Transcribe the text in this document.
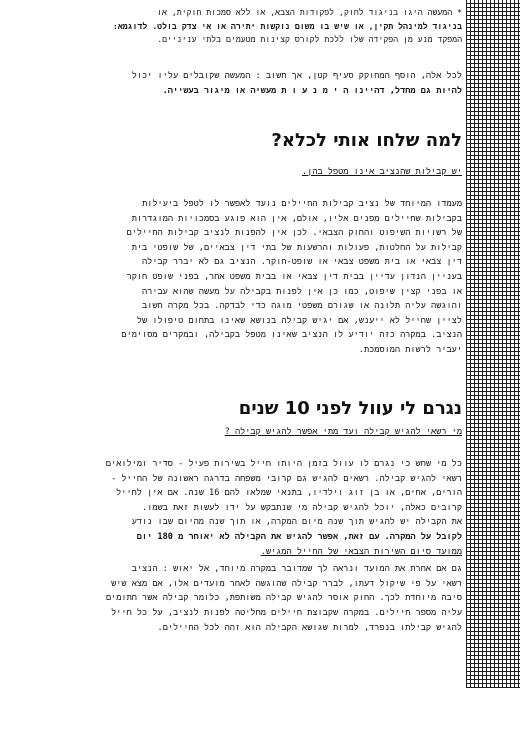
* המעשה היגו בניגוד לחוק, לפקודות הצבא, או ללא סמכות חוקית, או

בניגוד למינהל תקין, או שיש בו משום נוקשות יתירה או אי צדק בולט. לדוגמא:

המפקד מנע מן הפקידה שלו ללכת לקורס קצינות מטעמים בלתי עניניים.

לכל אלה, הוסף המחוקק סעיף קטן, אך חשוב : המעשה שקובלים עליו יכול

להיות גם מחדל, דהיינו ה י מ נ ע ו ת מעשיה או מיגור בעשייה.

למה שלחו אותי לכלא?

יש קבילות שהנציב אינו מטפל בהן.

מעמדו המיוחד של נציב קבילות החיילים נועד לאפשר לו לטפל ביעילות

בקבילות שחיילים מפנים אליו, אולם, אין הוא פוגע בסמכויות המוגדרות

של רשויות השיפוט והחוק הצבאי. לכן אין להפנות לנציב קבילות החיילים

קבילות על החלטות, פעולות והרשעות של בתי דין צבאיים, של שופטי בית

דין צבאי או בית משפט צבאי או שופט-חוקר. הנציב גם לא יברר קבילה

בעניין הנדון עדיין בבית דין צבאי או בבית משפט אחר, בפני שופט חוקר

או בפני קצין שיפוט, כמו כן אין לפנות בקבילה על מעשה שהוא עבירה

והוגשה עליה תלונה או שגורם משפטי מוגה כדי לבדקה. בכל מקרה חשוב

לציין שחייל לא ייענש, אם יגיש קבילה בנושא שאינו בתחום טיפולו של

הנציב. במקרה כזה יודיע לו הנציב שאינו מטפל בקבילה, ובמקרים מסוימים

יעביר לרשות המוסמכת.

נגרם לי עוול לפני 10 שנים

מי רשאי להגיש קבילה ועד מתי אפשר להגיש קבילה ?

כל מי שחש כי נגרם לו עוול בזמן היותו חייל בשירות פעיל - סדיר ומילואים

רשאי להגיש קבילה. רשאים להגיש גם קרובי משפחה בדרגה ראשונה של החייל -

הורים, אחים, או בן זוג וילדיו, בתנאי שמלאו להם 16 שנה. אם אין לחייל

קרובים כאלה, יוכל להגיש קבילה מי שנתבקש על ידו לעשות זאת בשמו.

את הקבילה יש להגיש תוך שנה מיום המקרה, או תוך שנה מהיום שבו נודע

לקובל על המקרה. עם זאת, אפשר להגיש את הקבילה לא יאוחר מ 180 יום

ממועד סיום השירות הצבאי של החייל המגיש.

גם אם אחרת את המועד ונראה לך שמדובר במקרה מיוחד, אל יאוש : הנציב

רשאי על פי שיקול דעתו, לברר קבילה שהוגשה לאחר מועדים אלו, אם מצא שיש

סיבה מיוחדת לכך. החוק אוסר להגיש קבילה משותפת, כלומר קבילה אשר חתומים

עליה מספר חיילים. במקרה שקבוצת חיילים מחליטה לפנות לנציב, על כל חייל

להגיש קבילתו בנפרד, למרות שגושא הקבילה הוא זהה לכל החיילים.
